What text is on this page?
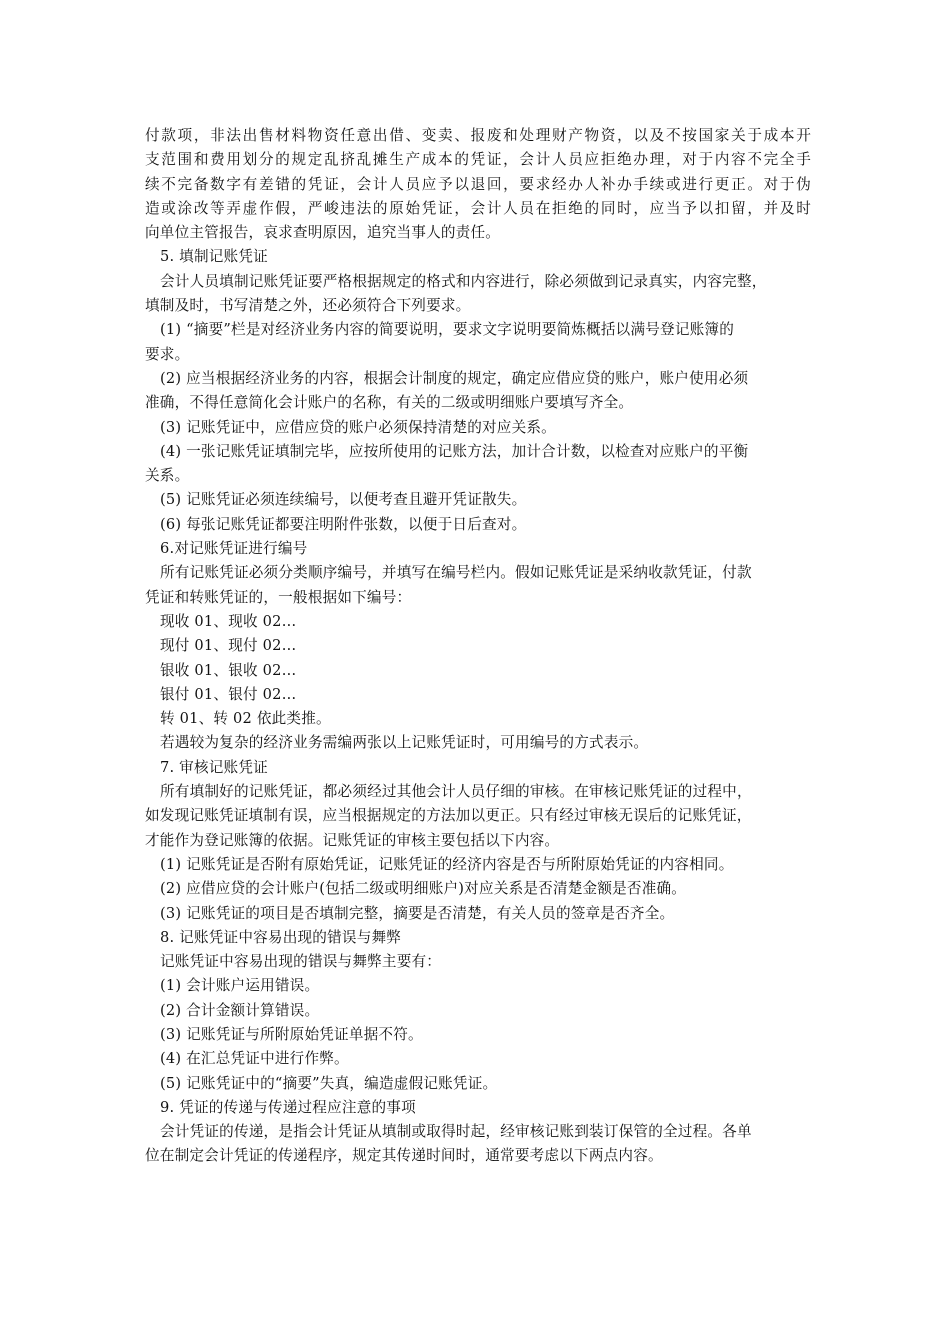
付款项，非法出售材料物资任意出借、变卖、报废和处理财产物资，以及不按国家关于成本开
支范围和费用划分的规定乱挤乱摊生产成本的凭证，会计人员应拒绝办理，对于内容不完全手
续不完备数字有差错的凭证，会计人员应予以退回，要求经办人补办手续或进行更正。对于伪
造或涂改等弄虚作假，严峻违法的原始凭证，会计人员在拒绝的同时，应当予以扣留，并及时
向单位主管报告，哀求查明原因，追究当事人的责任。
5. 填制记账凭证
会计人员填制记账凭证要严格根据规定的格式和内容进行，除必须做到记录真实，内容完整，
填制及时，书写清楚之外，还必须符合下列要求。
(1) “摘要”栏是对经济业务内容的简要说明，要求文字说明要简炼概括以满号登记账簿的
要求。
(2) 应当根据经济业务的内容，根据会计制度的规定，确定应借应贷的账户，账户使用必须
准确，不得任意简化会计账户的名称，有关的二级或明细账户要填写齐全。
(3) 记账凭证中，应借应贷的账户必须保持清楚的对应关系。
(4) 一张记账凭证填制完毕，应按所使用的记账方法，加计合计数，以检查对应账户的平衡
关系。
(5) 记账凭证必须连续编号，以便考查且避开凭证散失。
(6) 每张记账凭证都要注明附件张数，以便于日后查对。
6.对记账凭证进行编号
所有记账凭证必须分类顺序编号，并填写在编号栏内。假如记账凭证是采纳收款凭证，付款
凭证和转账凭证的，一般根据如下编号：
现收 01、现收 02…
现付 01、现付 02…
银收 01、银收 02…
银付 01、银付 02…
转 01、转 02 依此类推。
若遇较为复杂的经济业务需编两张以上记账凭证时，可用编号的方式表示。
7. 审核记账凭证
所有填制好的记账凭证，都必须经过其他会计人员仔细的审核。在审核记账凭证的过程中，
如发现记账凭证填制有误，应当根据规定的方法加以更正。只有经过审核无误后的记账凭证，
才能作为登记账簿的依据。记账凭证的审核主要包括以下内容。
(1) 记账凭证是否附有原始凭证，记账凭证的经济内容是否与所附原始凭证的内容相同。
(2) 应借应贷的会计账户(包括二级或明细账户)对应关系是否清楚金额是否准确。
(3) 记账凭证的项目是否填制完整，摘要是否清楚，有关人员的签章是否齐全。
8. 记账凭证中容易出现的错误与舞弊
记账凭证中容易出现的错误与舞弊主要有：
(1) 会计账户运用错误。
(2) 合计金额计算错误。
(3) 记账凭证与所附原始凭证单据不符。
(4) 在汇总凭证中进行作弊。
(5) 记账凭证中的“摘要”失真，编造虚假记账凭证。
9. 凭证的传递与传递过程应注意的事项
会计凭证的传递，是指会计凭证从填制或取得时起，经审核记账到装订保管的全过程。各单
位在制定会计凭证的传递程序，规定其传递时间时，通常要考虑以下两点内容。
